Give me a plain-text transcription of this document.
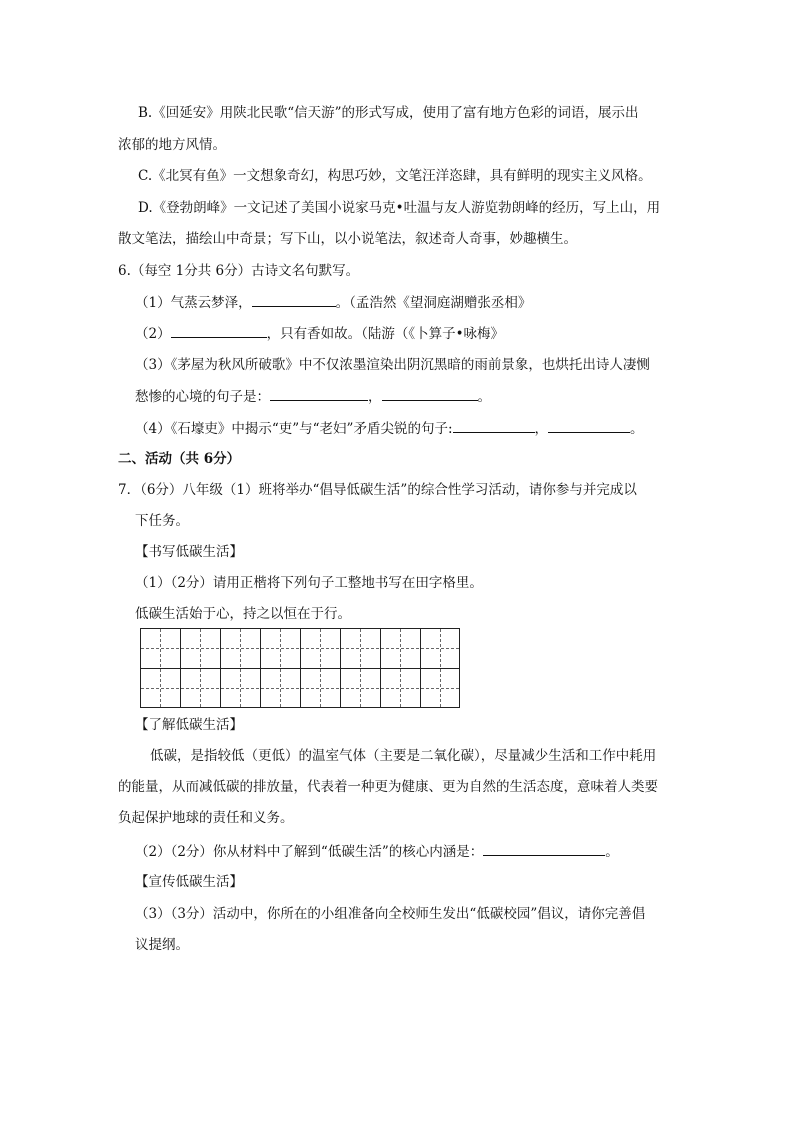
B.《回延安》用陕北民歌“信天游”的形式写成，使用了富有地方色彩的词语，展示出
浓郁的地方风情。
C.《北冥有鱼》一文想象奇幻，构思巧妙，文笔汪洋恣肆，具有鲜明的现实主义风格。
D.《登勃朗峰》一文记述了美国小说家马克•吐温与友人游览勃朗峰的经历，写上山，用
散文笔法，描绘山中奇景；写下山，以小说笔法，叙述奇人奇事，妙趣横生。
6.（每空 1分共 6分）古诗文名句默写。
（1）气蒸云梦泽，	。（孟浩然《望洞庭湖赠张丞相》
（2）	，只有香如故。（陆游（《卜算子•咏梅》
（3）《茅屋为秋风所破歌》中不仅浓墨渲染出阴沉黑暗的雨前景象，也烘托出诗人凄恻
愁惨的心境的句子是：	，	。
（4）《石壕吏》中揭示“吏”与“老妇”矛盾尖锐的句子:	，	。
二、活动（共 6分）
7．（6分）八年级（1）班将举办“倡导低碳生活”的综合性学习活动，请你参与并完成以
下任务。
【书写低碳生活】
（1）（2分）请用正楷将下列句子工整地书写在田字格里。
低碳生活始于心，持之以恒在于行。
【了解低碳生活】
低碳，是指较低（更低）的温室气体（主要是二氧化碳），尽量减少生活和工作中耗用
的能量，从而减低碳的排放量，代表着一种更为健康、更为自然的生活态度，意味着人类要
负起保护地球的责任和义务。
（2）（2分）你从材料中了解到“低碳生活”的核心内涵是：	。
【宣传低碳生活】
（3）（3分）活动中，你所在的小组准备向全校师生发出“低碳校园”倡议，请你完善倡
议提纲。
